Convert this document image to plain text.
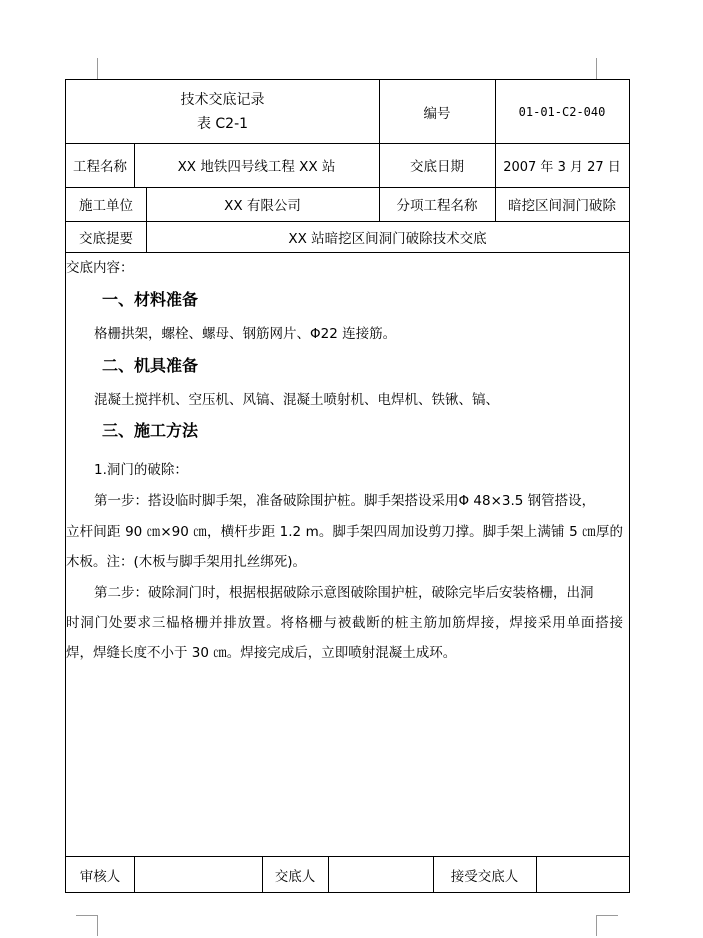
技术交底记录
表 C2-1
编号	01-01-C2-040
工程名称	XX 地铁四号线工程 XX 站	交底日期	2007 年 3 月 27 日
施工单位	XX 有限公司	分项工程名称	暗挖区间洞门破除
交底提要	XX 站暗挖区间洞门破除技术交底
交底内容：
一、材料准备
格栅拱架，螺栓、螺母、钢筋网片、Φ22 连接筋。
二、机具准备
混凝土搅拌机、空压机、风镐、混凝土喷射机、电焊机、铁锹、镐、
三、施工方法
1.洞门的破除：
第一步：搭设临时脚手架，准备破除围护桩。脚手架搭设采用Φ 48×3.5 钢管搭设，
立杆间距 90 ㎝×90 ㎝，横杆步距 1.2 m。脚手架四周加设剪刀撑。脚手架上满铺 5 ㎝厚的
木板。注：(木板与脚手架用扎丝绑死)。
第二步：破除洞门时，根据根据破除示意图破除围护桩，破除完毕后安装格栅，出洞
时洞门处要求三榀格栅并排放置。将格栅与被截断的桩主筋加筋焊接，焊接采用单面搭接
焊，焊缝长度不小于 30 ㎝。焊接完成后，立即喷射混凝土成环。
审核人	交底人	接受交底人
